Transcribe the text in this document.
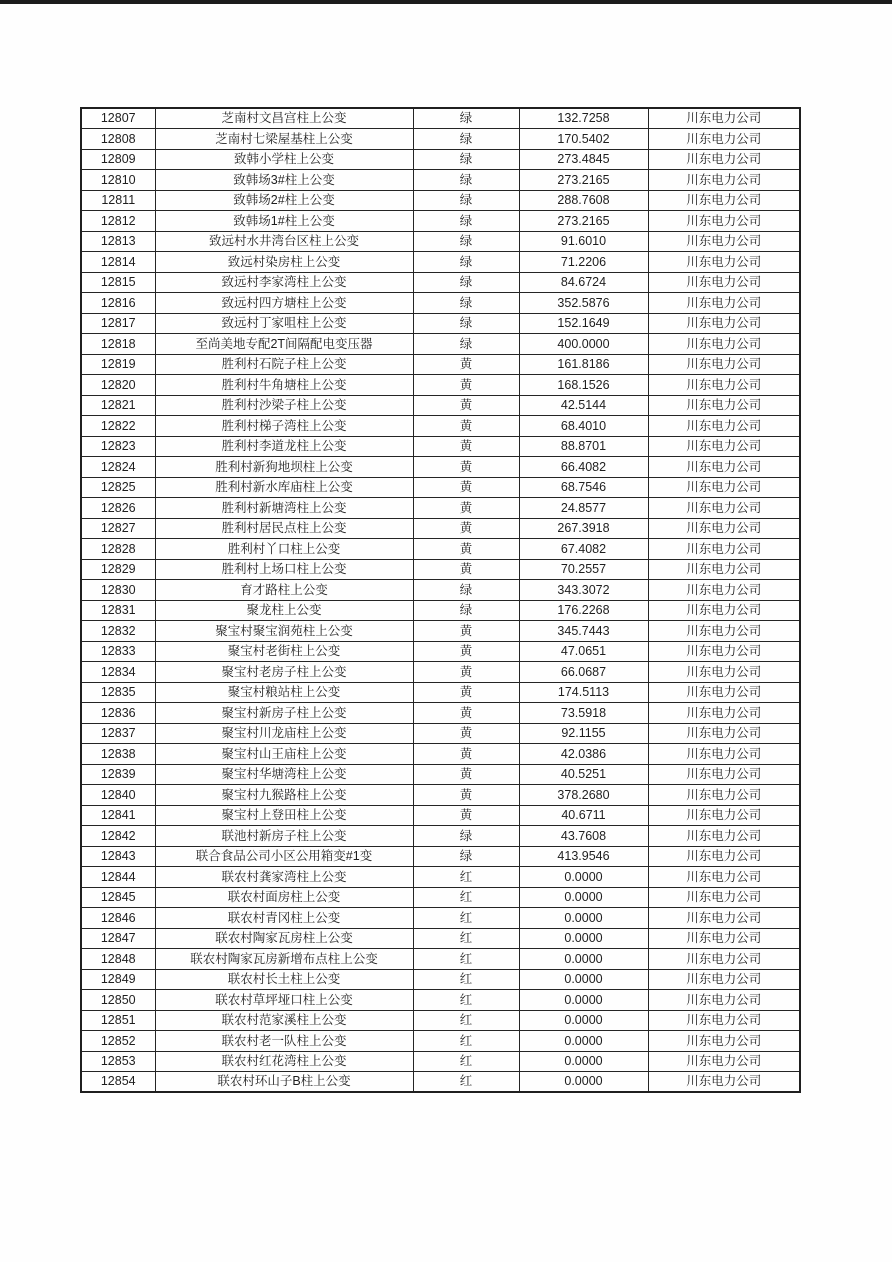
12807	芝南村文昌宫柱上公变	绿	132.7258	川东电力公司
12808	芝南村七梁屋基柱上公变	绿	170.5402	川东电力公司
12809	致韩小学柱上公变	绿	273.4845	川东电力公司
12810	致韩场3#柱上公变	绿	273.2165	川东电力公司
12811	致韩场2#柱上公变	绿	288.7608	川东电力公司
12812	致韩场1#柱上公变	绿	273.2165	川东电力公司
12813	致远村水井湾台区柱上公变	绿	91.6010	川东电力公司
12814	致远村染房柱上公变	绿	71.2206	川东电力公司
12815	致远村李家湾柱上公变	绿	84.6724	川东电力公司
12816	致远村四方塘柱上公变	绿	352.5876	川东电力公司
12817	致远村丁家咀柱上公变	绿	152.1649	川东电力公司
12818	至尚美地专配2T间隔配电变压器	绿	400.0000	川东电力公司
12819	胜利村石院子柱上公变	黄	161.8186	川东电力公司
12820	胜利村牛角塘柱上公变	黄	168.1526	川东电力公司
12821	胜利村沙梁子柱上公变	黄	42.5144	川东电力公司
12822	胜利村梯子湾柱上公变	黄	68.4010	川东电力公司
12823	胜利村李道龙柱上公变	黄	88.8701	川东电力公司
12824	胜利村新狗地坝柱上公变	黄	66.4082	川东电力公司
12825	胜利村新水库庙柱上公变	黄	68.7546	川东电力公司
12826	胜利村新塘湾柱上公变	黄	24.8577	川东电力公司
12827	胜利村居民点柱上公变	黄	267.3918	川东电力公司
12828	胜利村丫口柱上公变	黄	67.4082	川东电力公司
12829	胜利村上场口柱上公变	黄	70.2557	川东电力公司
12830	育才路柱上公变	绿	343.3072	川东电力公司
12831	聚龙柱上公变	绿	176.2268	川东电力公司
12832	聚宝村聚宝润苑柱上公变	黄	345.7443	川东电力公司
12833	聚宝村老街柱上公变	黄	47.0651	川东电力公司
12834	聚宝村老房子柱上公变	黄	66.0687	川东电力公司
12835	聚宝村粮站柱上公变	黄	174.5113	川东电力公司
12836	聚宝村新房子柱上公变	黄	73.5918	川东电力公司
12837	聚宝村川龙庙柱上公变	黄	92.1155	川东电力公司
12838	聚宝村山王庙柱上公变	黄	42.0386	川东电力公司
12839	聚宝村华塘湾柱上公变	黄	40.5251	川东电力公司
12840	聚宝村九猴路柱上公变	黄	378.2680	川东电力公司
12841	聚宝村上登田柱上公变	黄	40.6711	川东电力公司
12842	联池村新房子柱上公变	绿	43.7608	川东电力公司
12843	联合食品公司小区公用箱变#1变	绿	413.9546	川东电力公司
12844	联农村龚家湾柱上公变	红	0.0000	川东电力公司
12845	联农村面房柱上公变	红	0.0000	川东电力公司
12846	联农村青冈柱上公变	红	0.0000	川东电力公司
12847	联农村陶家瓦房柱上公变	红	0.0000	川东电力公司
12848	联农村陶家瓦房新增布点柱上公变	红	0.0000	川东电力公司
12849	联农村长土柱上公变	红	0.0000	川东电力公司
12850	联农村草坪垭口柱上公变	红	0.0000	川东电力公司
12851	联农村范家溪柱上公变	红	0.0000	川东电力公司
12852	联农村老一队柱上公变	红	0.0000	川东电力公司
12853	联农村红花湾柱上公变	红	0.0000	川东电力公司
12854	联农村环山子B柱上公变	红	0.0000	川东电力公司
